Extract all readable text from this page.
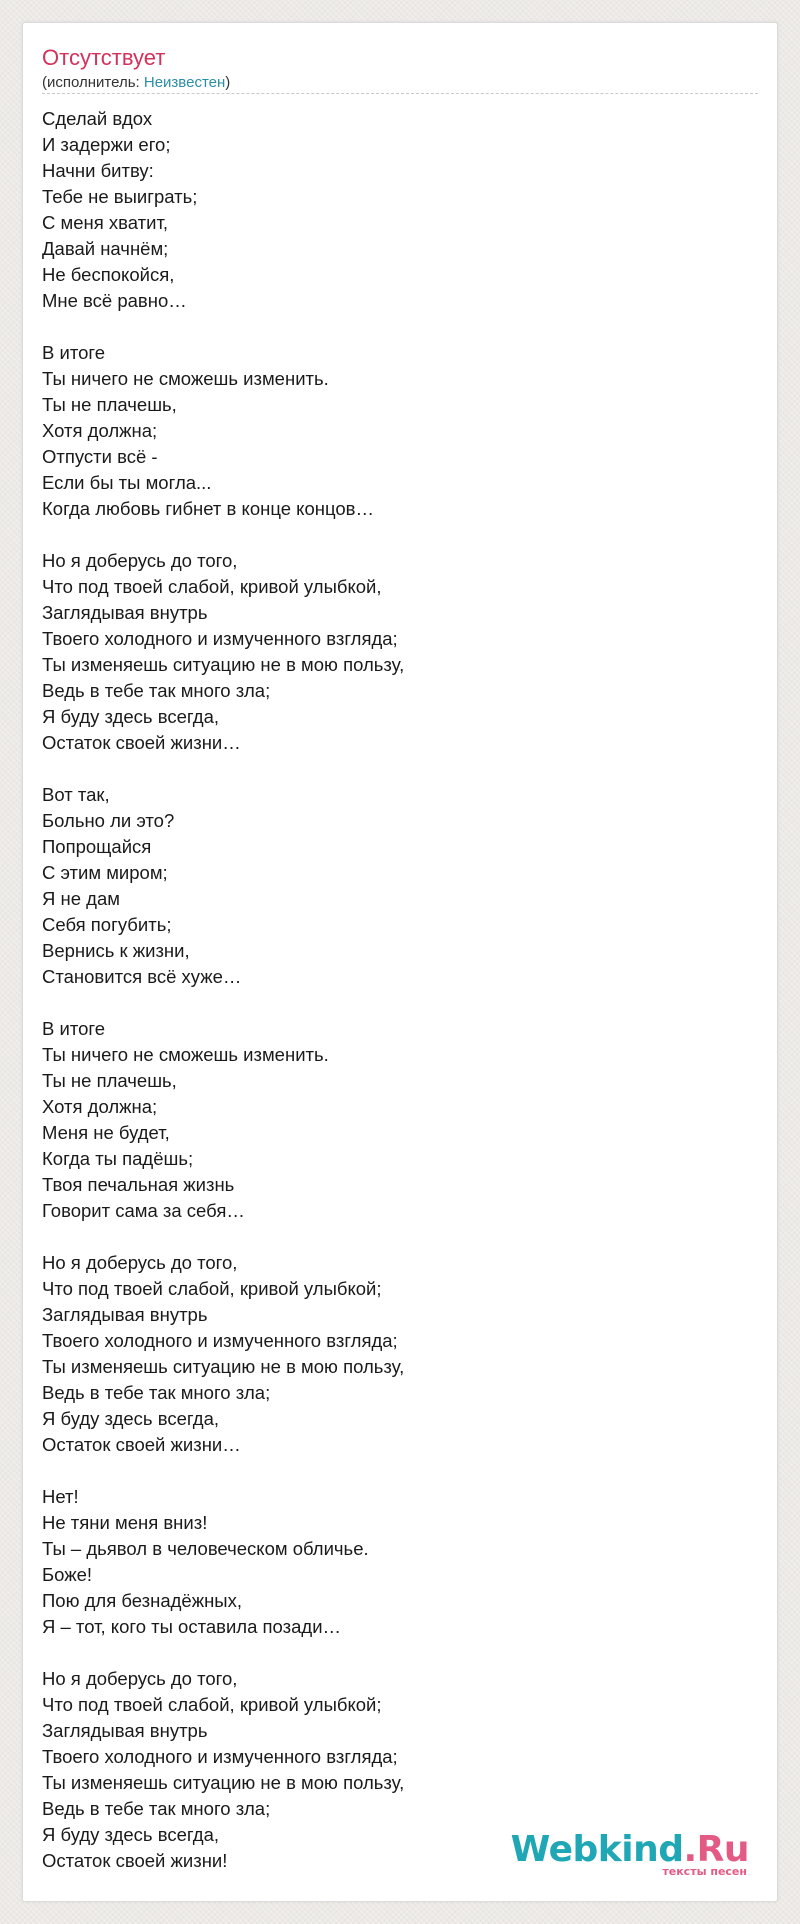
Отсутствует
(исполнитель: Неизвестен)
Сделай вдох
И задержи его;
Начни битву:
Тебе не выиграть;
С меня хватит,
Давай начнём;
Не беспокойся,
Мне всё равно…
В итоге
Ты ничего не сможешь изменить.
Ты не плачешь,
Хотя должна;
Отпусти всё -
Если бы ты могла...
Когда любовь гибнет в конце концов…
Но я доберусь до того,
Что под твоей слабой, кривой улыбкой,
Заглядывая внутрь
Твоего холодного и измученного взгляда;
Ты изменяешь ситуацию не в мою пользу,
Ведь в тебе так много зла;
Я буду здесь всегда,
Остаток своей жизни…
Вот так,
Больно ли это?
Попрощайся
С этим миром;
Я не дам
Себя погубить;
Вернись к жизни,
Становится всё хуже…
В итоге
Ты ничего не сможешь изменить.
Ты не плачешь,
Хотя должна;
Меня не будет,
Когда ты падёшь;
Твоя печальная жизнь
Говорит сама за себя…
Но я доберусь до того,
Что под твоей слабой, кривой улыбкой;
Заглядывая внутрь
Твоего холодного и измученного взгляда;
Ты изменяешь ситуацию не в мою пользу,
Ведь в тебе так много зла;
Я буду здесь всегда,
Остаток своей жизни…
Нет!
Не тяни меня вниз!
Ты – дьявол в человеческом обличье.
Боже!
Пою для безнадёжных,
Я – тот, кого ты оставила позади…
Но я доберусь до того,
Что под твоей слабой, кривой улыбкой;
Заглядывая внутрь
Твоего холодного и измученного взгляда;
Ты изменяешь ситуацию не в мою пользу,
Ведь в тебе так много зла;
Я буду здесь всегда,
Остаток своей жизни!	Webkind.Ru
тексты песен
